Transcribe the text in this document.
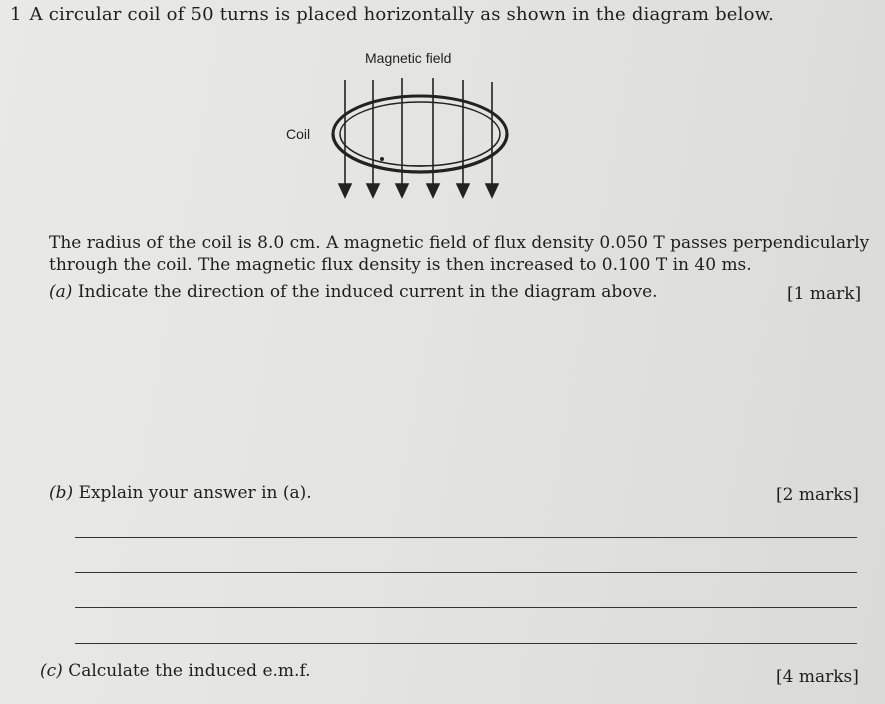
1 A circular coil of 50 turns is placed horizontally as shown in the diagram below.
Magnetic field
Coil

The radius of the coil is 8.0 cm. A magnetic field of flux density 0.050 T passes perpendicularly

through the coil. The magnetic flux density is then increased to 0.100 T in 40 ms.

(a) Indicate the direction of the induced current in the diagram above.	[1 mark]
(b) Explain your answer in (a).	[2 marks]
(c) Calculate the induced e.m.f.	[4 marks]
